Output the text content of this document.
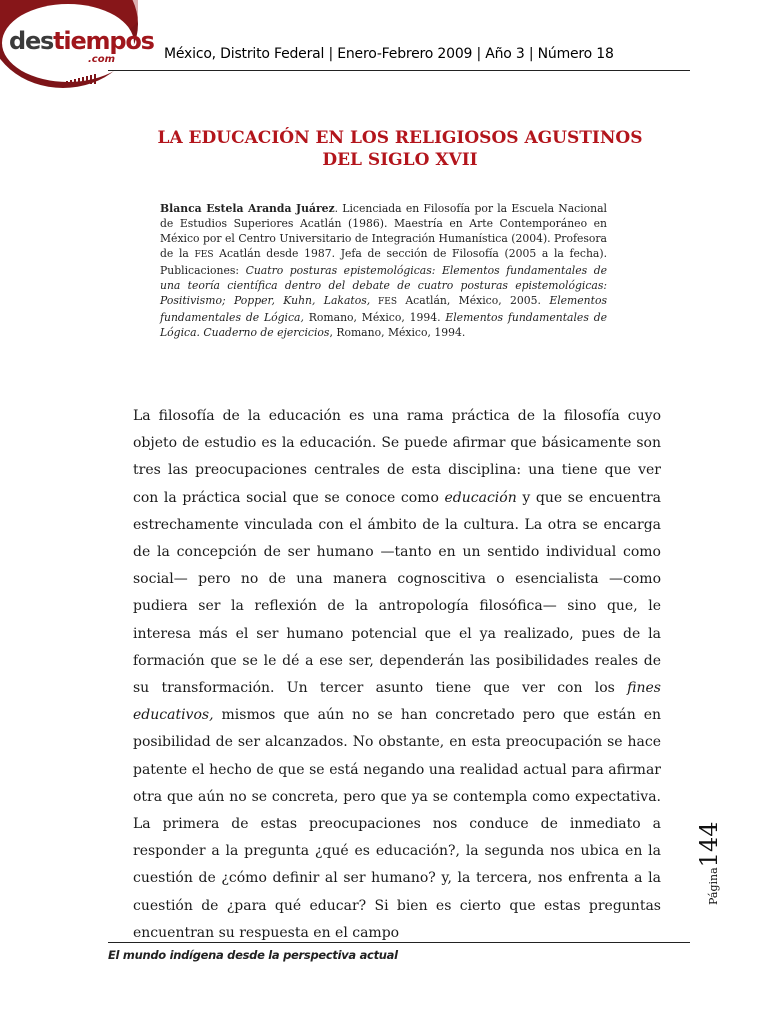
destiempos
.com	México, Distrito Federal | Enero-Febrero 2009 | Año 3 | Número 18
LA EDUCACIÓN EN LOS RELIGIOSOS AGUSTINOS
DEL SIGLO XVII

Blanca Estela Aranda Juárez. Licenciada en Filosofía por la Escuela Nacional de Estudios Superiores Acatlán (1986). Maestría en Arte Contemporáneo en México por el Centro Universitario de Integración Humanística (2004). Profesora de la FES Acatlán desde 1987. Jefa de sección de Filosofía (2005 a la fecha). Publicaciones: Cuatro posturas epistemológicas: Elementos fundamentales de una teoría científica dentro del debate de cuatro posturas epistemológicas: Positivismo; Popper, Kuhn, Lakatos, FES Acatlán, México, 2005. Elementos fundamentales de Lógica, Romano, México, 1994. Elementos fundamentales de Lógica. Cuaderno de ejercicios, Romano, México, 1994.

La filosofía de la educación es una rama práctica de la filosofía cuyo objeto de estudio es la educación. Se puede afirmar que básicamente son tres las preocupaciones centrales de esta disciplina: una tiene que ver con la práctica social que se conoce como educación y que se encuentra estrechamente vinculada con el ámbito de la cultura. La otra se encarga de la concepción de ser humano —tanto en un sentido individual como social— pero no de una manera cognoscitiva o esencialista —como pudiera ser la reflexión de la antropología filosófica— sino que, le interesa más el ser humano potencial que el ya realizado, pues de la formación que se le dé a ese ser, dependerán las posibilidades reales de su transformación. Un tercer asunto tiene que ver con los fines educativos, mismos que aún no se han concretado pero que están en posibilidad de ser alcanzados. No obstante, en esta preocupación se hace patente el hecho de que se está negando una realidad actual para afirmar otra que aún no se concreta, pero que ya se contempla como expectativa. La primera de estas preocupaciones nos conduce de inmediato a responder a la pregunta ¿qué es educación?, la segunda nos ubica en la cuestión de ¿cómo definir al ser humano? y, la tercera, nos enfrenta a la cuestión de ¿para qué educar? Si bien es cierto que estas preguntas encuentran su respuesta en el campo

Página144
El mundo indígena desde la perspectiva actual
